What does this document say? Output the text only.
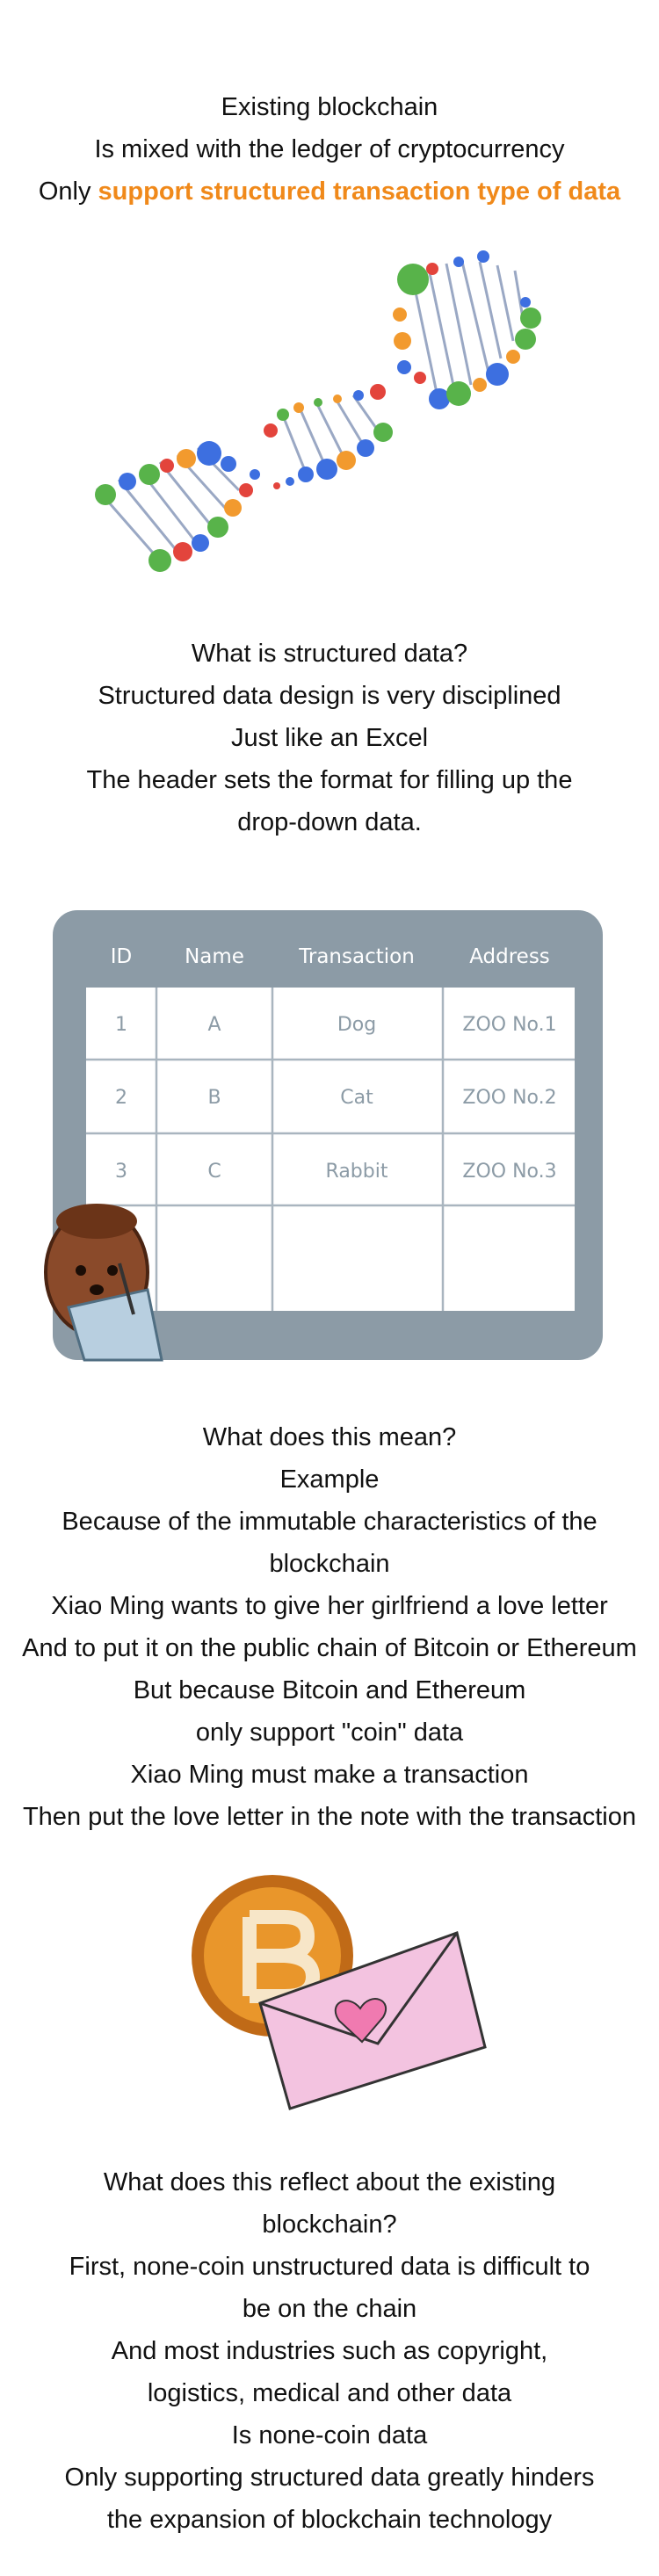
Existing blockchain
Is mixed with the ledger of cryptocurrency
Only support structured transaction type of data
What is structured data?
Structured data design is very disciplined
Just like an Excel
The header sets the format for filling up the
drop-down data.
ID	Name	Transaction	Address
1	A	Dog	ZOO No.1
2	B	Cat	ZOO No.2
3	C	Rabbit	ZOO No.3
What does this mean?
Example
Because of the immutable characteristics of the
blockchain
Xiao Ming wants to give her girlfriend a love letter
And to put it on the public chain of Bitcoin or Ethereum
But because Bitcoin and Ethereum
only support "coin" data
Xiao Ming must make a transaction
Then put the love letter in the note with the transaction
What does this reflect about the existing
blockchain?
First, none-coin unstructured data is difficult to
be on the chain
And most industries such as copyright,
logistics, medical and other data
Is none-coin data
Only supporting structured data greatly hinders
the expansion of blockchain technology
